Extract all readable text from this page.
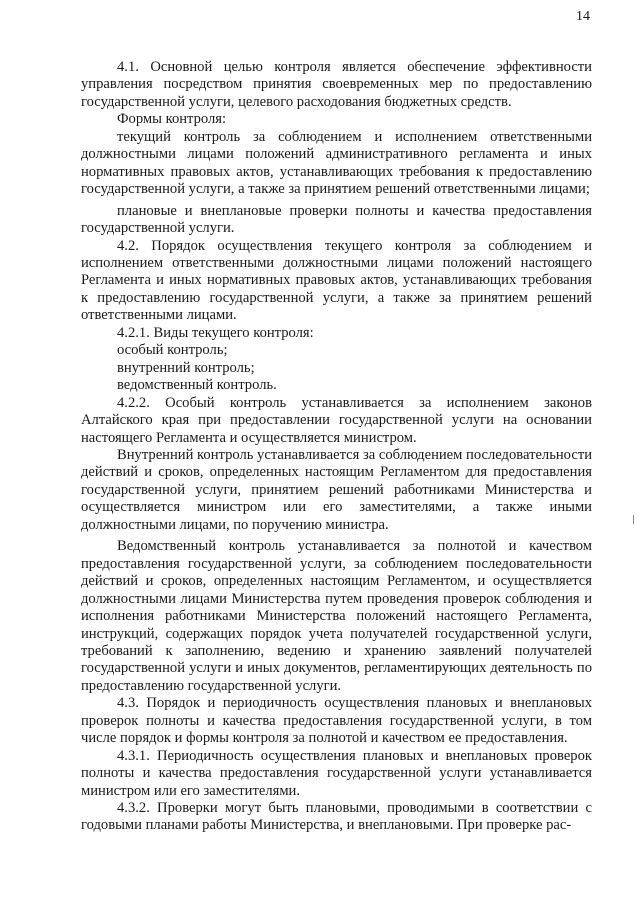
14

4.1. Основной целью контроля является обеспечение эффективности управления посредством принятия своевременных мер по предоставлению государственной услуги, целевого расходования бюджетных средств.

Формы контроля:

текущий контроль за соблюдением и исполнением ответственными должностными лицами положений административного регламента и иных нормативных правовых актов, устанавливающих требования к предоставлению государственной услуги, а также за принятием решений ответственными лицами;

плановые и внеплановые проверки полноты и качества предоставления государственной услуги.

4.2. Порядок осуществления текущего контроля за соблюдением и исполнением ответственными должностными лицами положений настоящего Регламента и иных нормативных правовых актов, устанавливающих требования к предоставлению государственной услуги, а также за принятием решений ответственными лицами.

4.2.1. Виды текущего контроля:

особый контроль;

внутренний контроль;

ведомственный контроль.

4.2.2. Особый контроль устанавливается за исполнением законов Алтайского края при предоставлении государственной услуги на основании настоящего Регламента и осуществляется министром.

Внутренний контроль устанавливается за соблюдением последовательности действий и сроков, определенных настоящим Регламентом для предоставления государственной услуги, принятием решений работниками Министерства и осуществляется министром или его заместителями, а также иными должностными лицами, по поручению министра.

Ведомственный контроль устанавливается за полнотой и качеством предоставления государственной услуги, за соблюдением последовательности действий и сроков, определенных настоящим Регламентом, и осуществляется должностными лицами Министерства путем проведения проверок соблюдения и исполнения работниками Министерства положений настоящего Регламента, инструкций, содержащих порядок учета получателей государственной услуги, требований к заполнению, ведению и хранению заявлений получателей государственной услуги и иных документов, регламентирующих деятельность по предоставлению государственной услуги.

4.3. Порядок и периодичность осуществления плановых и внеплановых проверок полноты и качества предоставления государственной услуги, в том числе порядок и формы контроля за полнотой и качеством ее предоставления.

4.3.1. Периодичность осуществления плановых и внеплановых проверок полноты и качества предоставления государственной услуги устанавливается министром или его заместителями.

4.3.2. Проверки могут быть плановыми, проводимыми в соответствии с годовыми планами работы Министерства, и внеплановыми. При проверке рас-
